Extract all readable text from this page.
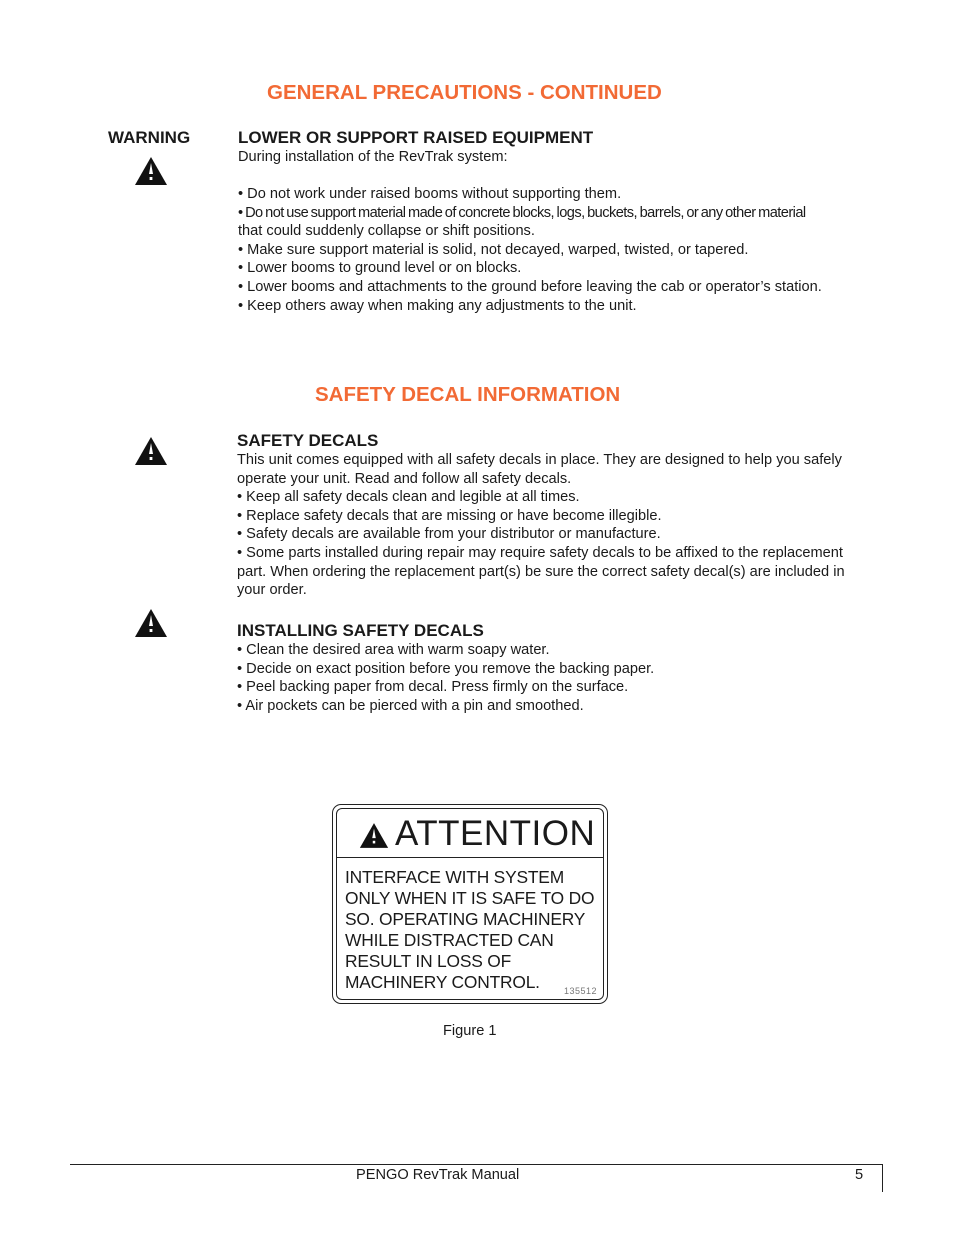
GENERAL PRECAUTIONS - CONTINUED
WARNING	LOWER OR SUPPORT RAISED EQUIPMENT
During installation of the RevTrak system:
• Do not work under raised booms without supporting them.
• Do not use support material made of concrete blocks, logs, buckets, barrels, or any other material
that could suddenly collapse or shift positions.
• Make sure support material is solid, not decayed, warped, twisted, or tapered.
• Lower booms to ground level or on blocks.
• Lower booms and attachments to the ground before leaving the cab or operator’s station.
• Keep others away when making any adjustments to the unit.
SAFETY DECAL INFORMATION
SAFETY DECALS
This unit comes equipped with all safety decals in place. They are designed to help you safely
operate your unit. Read and follow all safety decals.
• Keep all safety decals clean and legible at all times.
• Replace safety decals that are missing or have become illegible.
• Safety decals are available from your distributor or manufacture.
• Some parts installed during repair may require safety decals to be affixed to the replacement
part. When ordering the replacement part(s) be sure the correct safety decal(s) are included in
your order.
INSTALLING SAFETY DECALS
• Clean the desired area with warm soapy water.
• Decide on exact position before you remove the backing paper.
• Peel backing paper from decal. Press firmly on the surface.
• Air pockets can be pierced with a pin and smoothed.
ATTENTION
INTERFACE WITH SYSTEM
ONLY WHEN IT IS SAFE TO DO
SO. OPERATING MACHINERY
WHILE DISTRACTED CAN
RESULT IN LOSS OF
MACHINERY CONTROL.	135512
Figure 1
PENGO RevTrak Manual	5
